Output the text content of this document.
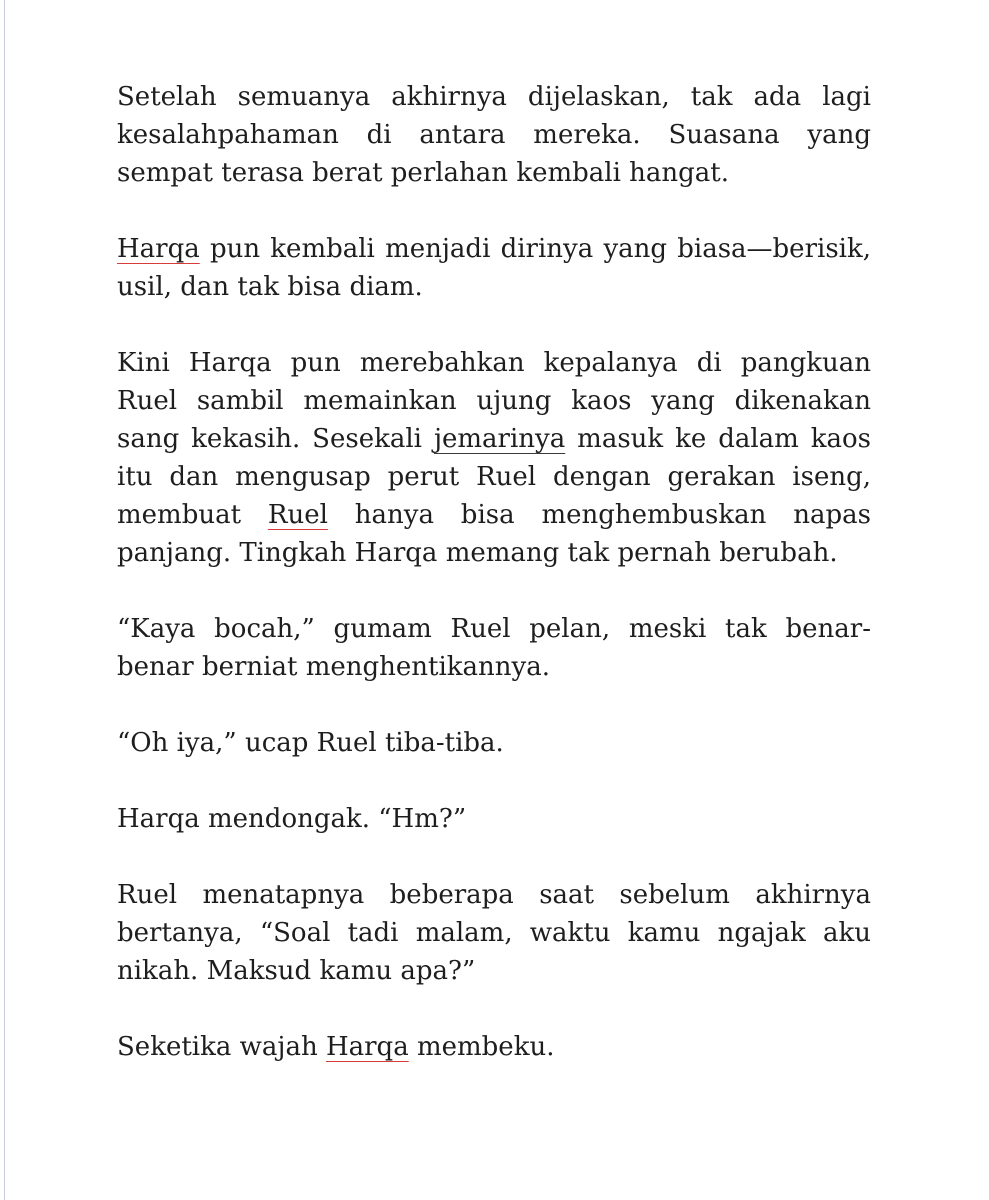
Setelah semuanya akhirnya dijelaskan, tak ada lagi kesalahpahaman di antara mereka. Suasana yang sempat terasa berat perlahan kembali hangat.

Harqa pun kembali menjadi dirinya yang biasa—berisik, usil, dan tak bisa diam.

Kini Harqa pun merebahkan kepalanya di pangkuan Ruel sambil memainkan ujung kaos yang dikenakan sang kekasih. Sesekali jemarinya masuk ke dalam kaos itu dan mengusap perut Ruel dengan gerakan iseng, membuat Ruel hanya bisa menghembuskan napas panjang. Tingkah Harqa memang tak pernah berubah.

“Kaya bocah,” gumam Ruel pelan, meski tak benar-benar berniat menghentikannya.

“Oh iya,” ucap Ruel tiba-tiba.

Harqa mendongak. “Hm?”

Ruel menatapnya beberapa saat sebelum akhirnya bertanya, “Soal tadi malam, waktu kamu ngajak aku nikah. Maksud kamu apa?”

Seketika wajah Harqa membeku.
